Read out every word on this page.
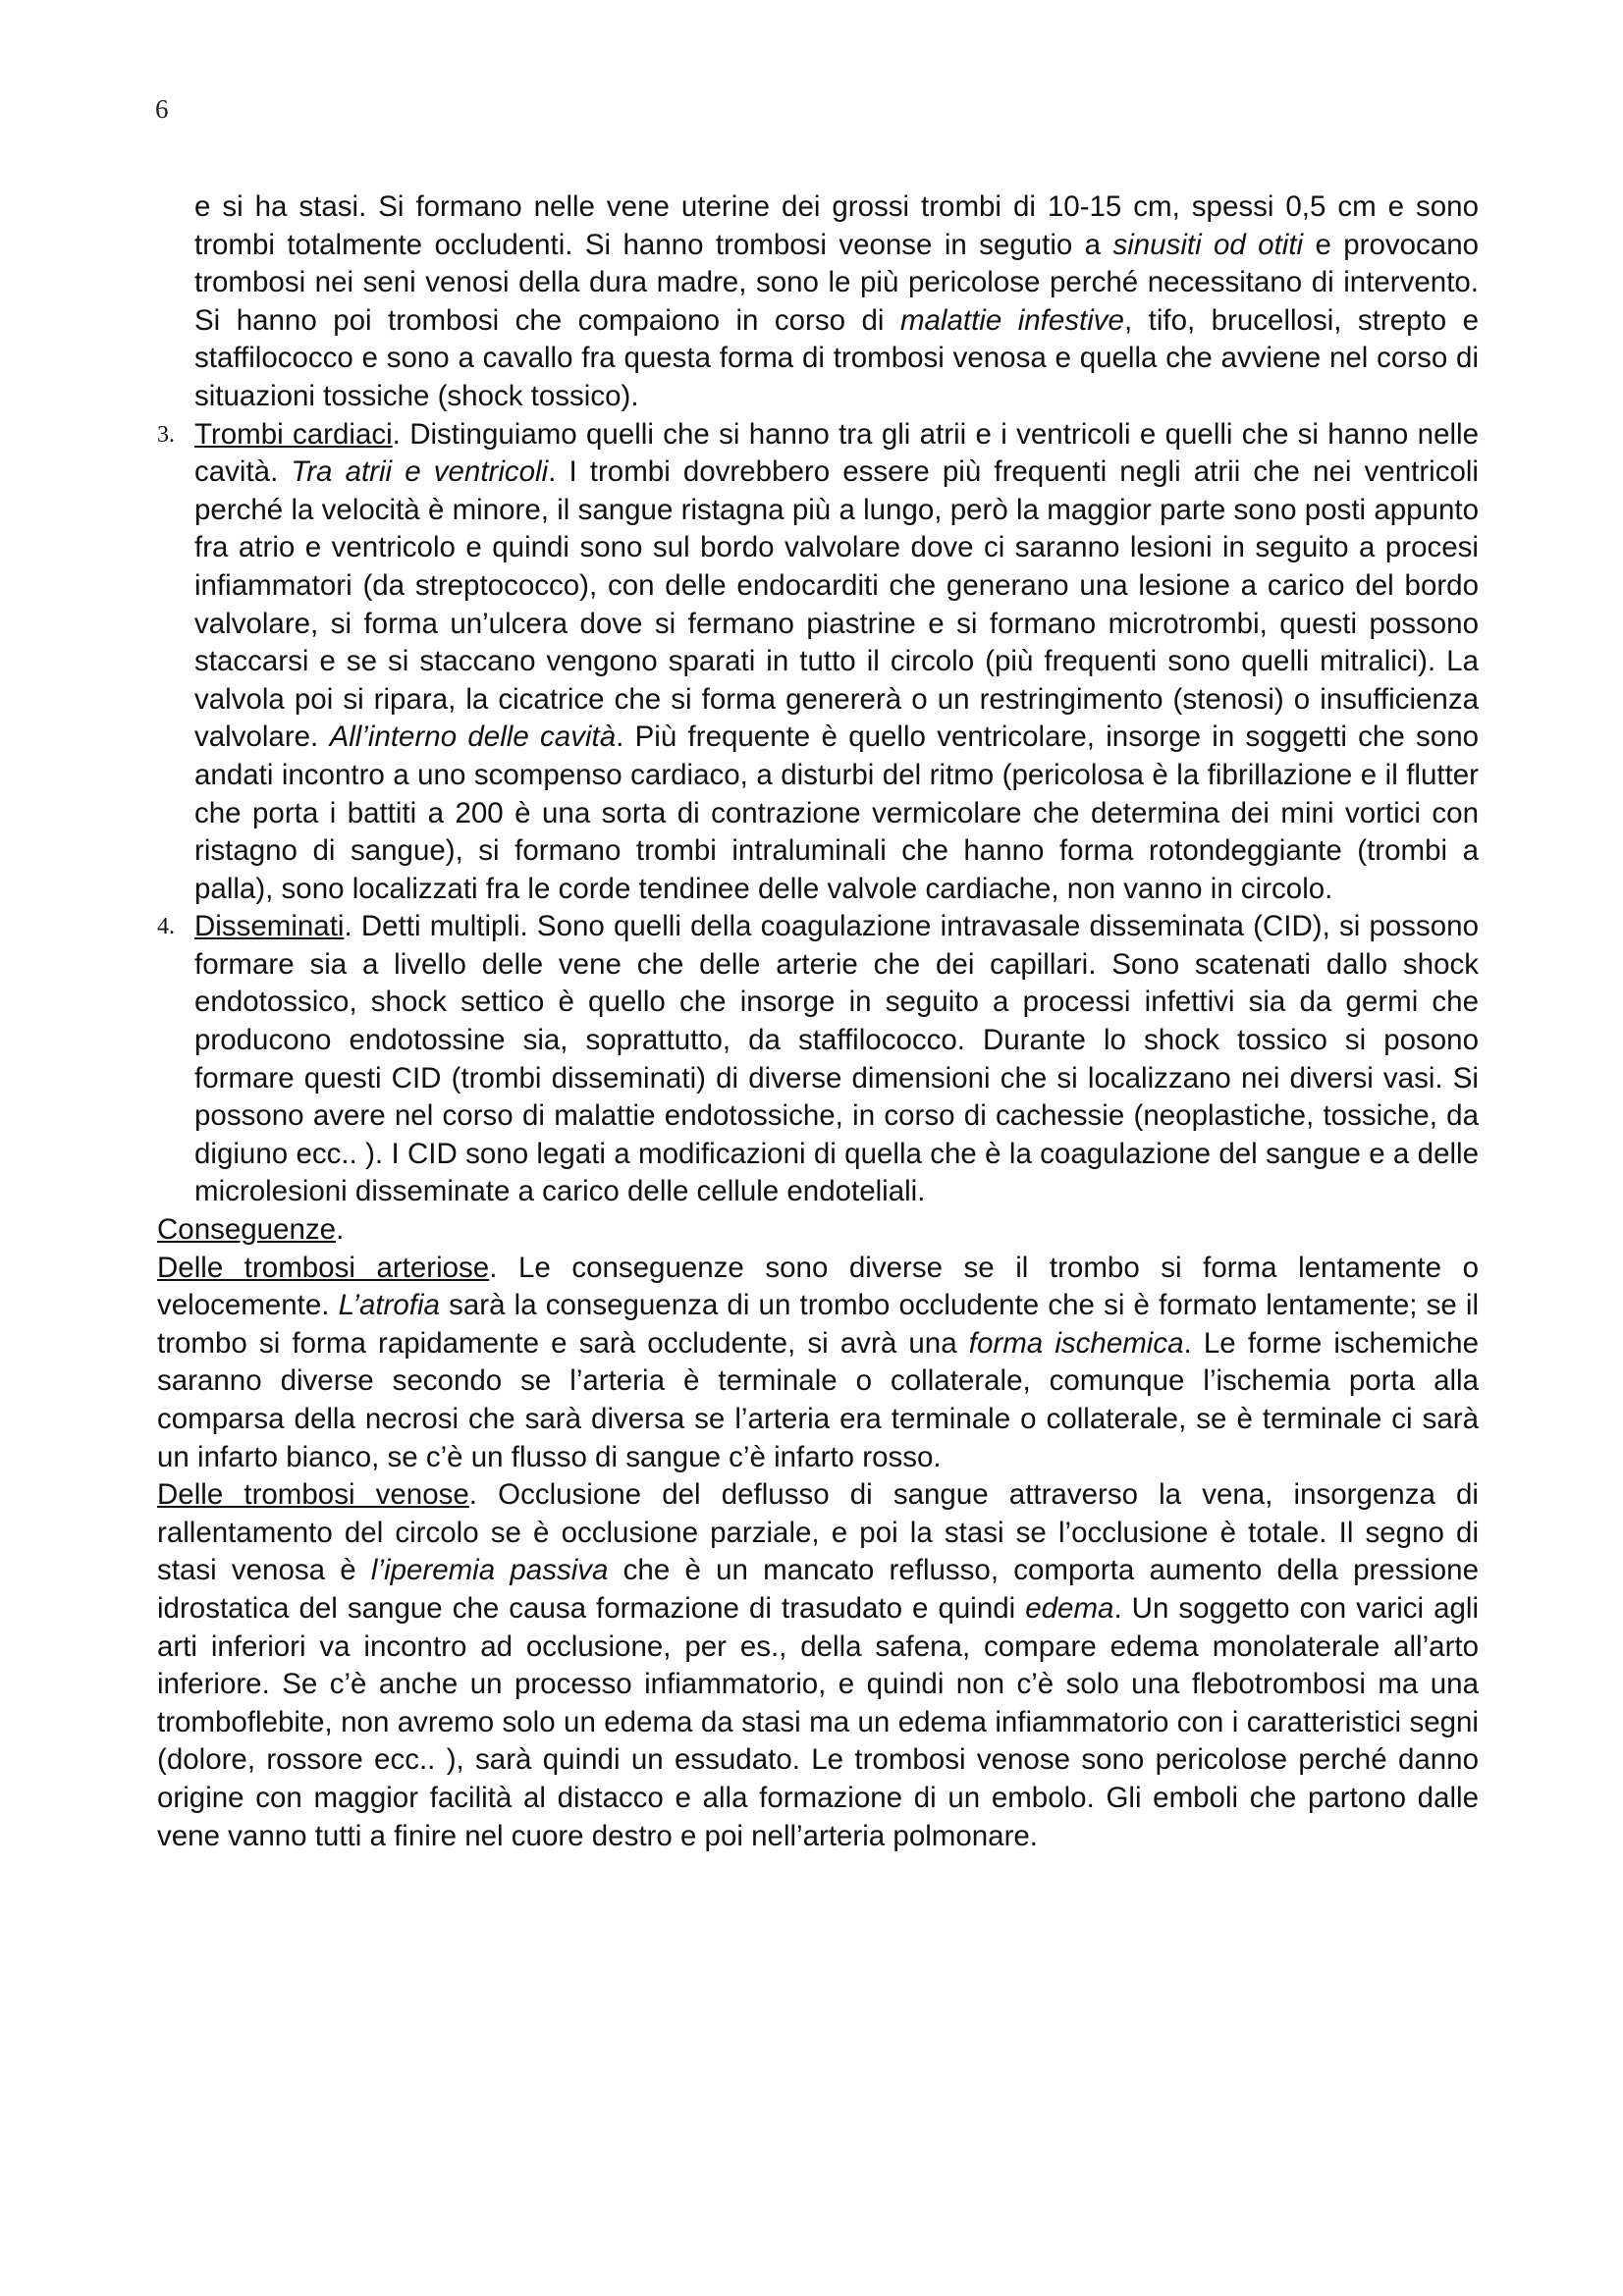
6

e si ha stasi. Si formano nelle vene uterine dei grossi trombi di 10-15 cm, spessi 0,5 cm e sono trombi totalmente occludenti. Si hanno trombosi veonse in segutio a sinusiti od otiti e provocano trombosi nei seni venosi della dura madre, sono le più pericolose perché necessitano di intervento. Si hanno poi trombosi che compaiono in corso di malattie infestive, tifo, brucellosi, strepto e staffilococco e sono a cavallo fra questa forma di trombosi venosa e quella che avviene nel corso di situazioni tossiche (shock tossico).

3. Trombi cardiaci. Distinguiamo quelli che si hanno tra gli atrii e i ventricoli e quelli che si hanno nelle cavità. Tra atrii e ventricoli. I trombi dovrebbero essere più frequenti negli atrii che nei ventricoli perché la velocità è minore, il sangue ristagna più a lungo, però la maggior parte sono posti appunto fra atrio e ventricolo e quindi sono sul bordo valvolare dove ci saranno lesioni in seguito a procesi infiammatori (da streptococco), con delle endocarditi che generano una lesione a carico del bordo valvolare, si forma un’ulcera dove si fermano piastrine e si formano microtrombi, questi possono staccarsi e se si staccano vengono sparati in tutto il circolo (più frequenti sono quelli mitralici). La valvola poi si ripara, la cicatrice che si forma genererà o un restringimento (stenosi) o insufficienza valvolare. All’interno delle cavità. Più frequente è quello ventricolare, insorge in soggetti che sono andati incontro a uno scompenso cardiaco, a disturbi del ritmo (pericolosa è la fibrillazione e il flutter che porta i battiti a 200 è una sorta di contrazione vermicolare che determina dei mini vortici con ristagno di sangue), si formano trombi intraluminali che hanno forma rotondeggiante (trombi a palla), sono localizzati fra le corde tendinee delle valvole cardiache, non vanno in circolo.

4. Disseminati. Detti multipli. Sono quelli della coagulazione intravasale disseminata (CID), si possono formare sia a livello delle vene che delle arterie che dei capillari. Sono scatenati dallo shock endotossico, shock settico è quello che insorge in seguito a processi infettivi sia da germi che producono endotossine sia, soprattutto, da staffilococco. Durante lo shock tossico si posono formare questi CID (trombi disseminati) di diverse dimensioni che si localizzano nei diversi vasi. Si possono avere nel corso di malattie endotossiche, in corso di cachessie (neoplastiche, tossiche, da digiuno ecc.. ). I CID sono legati a modificazioni di quella che è la coagulazione del sangue e a delle microlesioni disseminate a carico delle cellule endoteliali.

Conseguenze.

Delle trombosi arteriose. Le conseguenze sono diverse se il trombo si forma lentamente o velocemente. L’atrofia sarà la conseguenza di un trombo occludente che si è formato lentamente; se il trombo si forma rapidamente e sarà occludente, si avrà una forma ischemica. Le forme ischemiche saranno diverse secondo se l’arteria è terminale o collaterale, comunque l’ischemia porta alla comparsa della necrosi che sarà diversa se l’arteria era terminale o collaterale, se è terminale ci sarà un infarto bianco, se c’è un flusso di sangue c’è infarto rosso.

Delle trombosi venose. Occlusione del deflusso di sangue attraverso la vena, insorgenza di rallentamento del circolo se è occlusione parziale, e poi la stasi se l’occlusione è totale. Il segno di stasi venosa è l’iperemia passiva che è un mancato reflusso, comporta aumento della pressione idrostatica del sangue che causa formazione di trasudato e quindi edema. Un soggetto con varici agli arti inferiori va incontro ad occlusione, per es., della safena, compare edema monolaterale all’arto inferiore. Se c’è anche un processo infiammatorio, e quindi non c’è solo una flebotrombosi ma una tromboflebite, non avremo solo un edema da stasi ma un edema infiammatorio con i caratteristici segni (dolore, rossore ecc.. ), sarà quindi un essudato. Le trombosi venose sono pericolose perché danno origine con maggior facilità al distacco e alla formazione di un embolo. Gli emboli che partono dalle vene vanno tutti a finire nel cuore destro e poi nell’arteria polmonare.
